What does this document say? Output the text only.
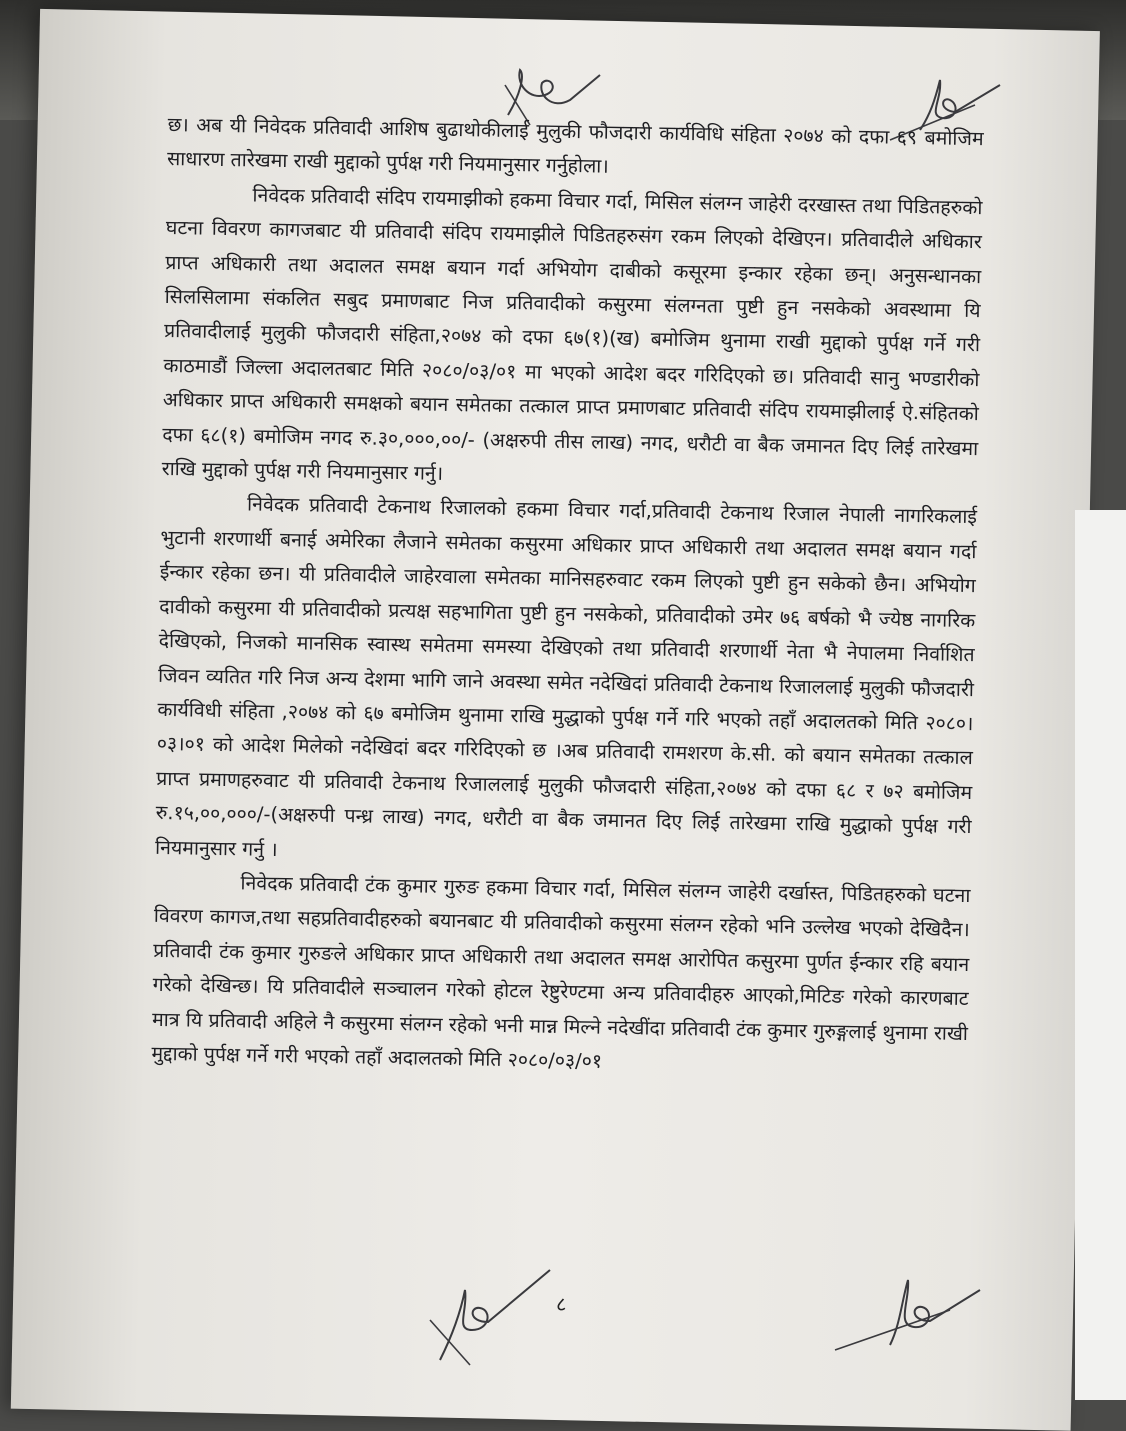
छ। अब यी निवेदक प्रतिवादी आशिष बुढाथोकीलाई मुलुकी फौजदारी कार्यविधि संहिता २०७४ को दफा ६९ बमोजिम साधारण तारेखमा राखी मुद्दाको पुर्पक्ष गरी नियमानुसार गर्नुहोला।

निवेदक प्रतिवादी संदिप रायमाझीको हकमा विचार गर्दा, मिसिल संलग्न जाहेरी दरखास्त तथा पिडितहरुको घटना विवरण कागजबाट यी प्रतिवादी संदिप रायमाझीले पिडितहरुसंग रकम लिएको देखिएन। प्रतिवादीले अधिकार प्राप्त अधिकारी तथा अदालत समक्ष बयान गर्दा अभियोग दाबीको कसूरमा इन्कार रहेका छन्। अनुसन्धानका सिलसिलामा संकलित सबुद प्रमाणबाट निज प्रतिवादीको कसुरमा संलग्नता पुष्टी हुन नसकेको अवस्थामा यि प्रतिवादीलाई मुलुकी फौजदारी संहिता,२०७४ को दफा ६७(१)(ख) बमोजिम थुनामा राखी मुद्दाको पुर्पक्ष गर्ने गरी काठमाडौं जिल्ला अदालतबाट मिति २०८०/०३/०१ मा भएको आदेश बदर गरिदिएको छ। प्रतिवादी सानु भण्डारीको अधिकार प्राप्त अधिकारी समक्षको बयान समेतका तत्काल प्राप्त प्रमाणबाट प्रतिवादी संदिप रायमाझीलाई ऐ.संहितको दफा ६८(१) बमोजिम नगद रु.३०,०००,००/- (अक्षरुपी तीस लाख) नगद, धरौटी वा बैक जमानत दिए लिई तारेखमा राखि मुद्दाको पुर्पक्ष गरी नियमानुसार गर्नु।

निवेदक प्रतिवादी टेकनाथ रिजालको हकमा विचार गर्दा,प्रतिवादी टेकनाथ रिजाल नेपाली नागरिकलाई भुटानी शरणार्थी बनाई अमेरिका लैजाने समेतका कसुरमा अधिकार प्राप्त अधिकारी तथा अदालत समक्ष बयान गर्दा ईन्कार रहेका छन। यी प्रतिवादीले जाहेरवाला समेतका मानिसहरुवाट रकम लिएको पुष्टी हुन सकेको छैन। अभियोग दावीको कसुरमा यी प्रतिवादीको प्रत्यक्ष सहभागिता पुष्टी हुन नसकेको, प्रतिवादीको उमेर ७६ बर्षको भै ज्येष्ठ नागरिक देखिएको, निजको मानसिक स्वास्थ समेतमा समस्या देखिएको तथा प्रतिवादी शरणार्थी नेता भै नेपालमा निर्वाशित जिवन व्यतित गरि निज अन्य देशमा भागि जाने अवस्था समेत नदेखिदां प्रतिवादी टेकनाथ रिजाललाई मुलुकी फौजदारी कार्यविधी संहिता ,२०७४ को ६७ बमोजिम थुनामा राखि मुद्धाको पुर्पक्ष गर्ने गरि भएको तहाँ अदालतको मिति २०८०।०३।०१ को आदेश मिलेको नदेखिदां बदर गरिदिएको छ ।अब प्रतिवादी रामशरण के.सी. को बयान समेतका तत्काल प्राप्त प्रमाणहरुवाट यी प्रतिवादी टेकनाथ रिजाललाई मुलुकी फौजदारी संहिता,२०७४ को दफा ६८ र ७२ बमोजिम रु.१५,००,०००/-(अक्षरुपी पन्ध्र लाख) नगद, धरौटी वा बैक जमानत दिए लिई तारेखमा राखि मुद्धाको पुर्पक्ष गरी नियमानुसार गर्नु ।

निवेदक प्रतिवादी टंक कुमार गुरुङ हकमा विचार गर्दा, मिसिल संलग्न जाहेरी दर्खास्त, पिडितहरुको घटना विवरण कागज,तथा सहप्रतिवादीहरुको बयानबाट यी प्रतिवादीको कसुरमा संलग्न रहेको भनि उल्लेख भएको देखिदैन। प्रतिवादी टंक कुमार गुरुङले अधिकार प्राप्त अधिकारी तथा अदालत समक्ष आरोपित कसुरमा पुर्णत ईन्कार रहि बयान गरेको देखिन्छ। यि प्रतिवादीले सञ्चालन गरेको होटल रेष्टुरेण्टमा अन्य प्रतिवादीहरु आएको,मिटिङ गरेको कारणबाट मात्र यि प्रतिवादी अहिले नै कसुरमा संलग्न रहेको भनी मान्न मिल्ने नदेखींदा प्रतिवादी टंक कुमार गुरुङ्गलाई थुनामा राखी मुद्दाको पुर्पक्ष गर्ने गरी भएको तहाँ अदालतको मिति २०८०/०३/०१

८
